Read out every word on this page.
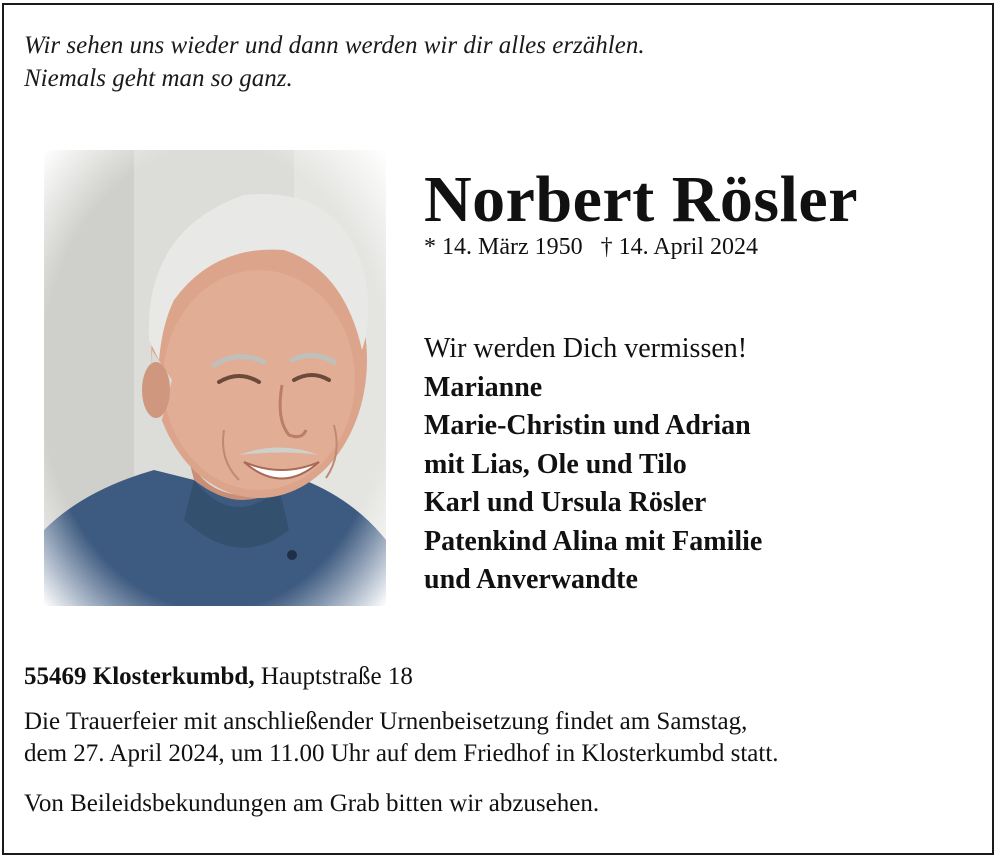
Wir sehen uns wieder und dann werden wir dir alles erzählen.
Niemals geht man so ganz.
Norbert Rösler
* 14. März 1950 † 14. April 2024
Wir werden Dich vermissen!
Marianne
Marie-Christin und Adrian
mit Lias, Ole und Tilo
Karl und Ursula Rösler
Patenkind Alina mit Familie
und Anverwandte
55469 Klosterkumbd, Hauptstraße 18
Die Trauerfeier mit anschließender Urnenbeisetzung findet am Samstag,
dem 27. April 2024, um 11.00 Uhr auf dem Friedhof in Klosterkumbd statt.
Von Beileidsbekundungen am Grab bitten wir abzusehen.
